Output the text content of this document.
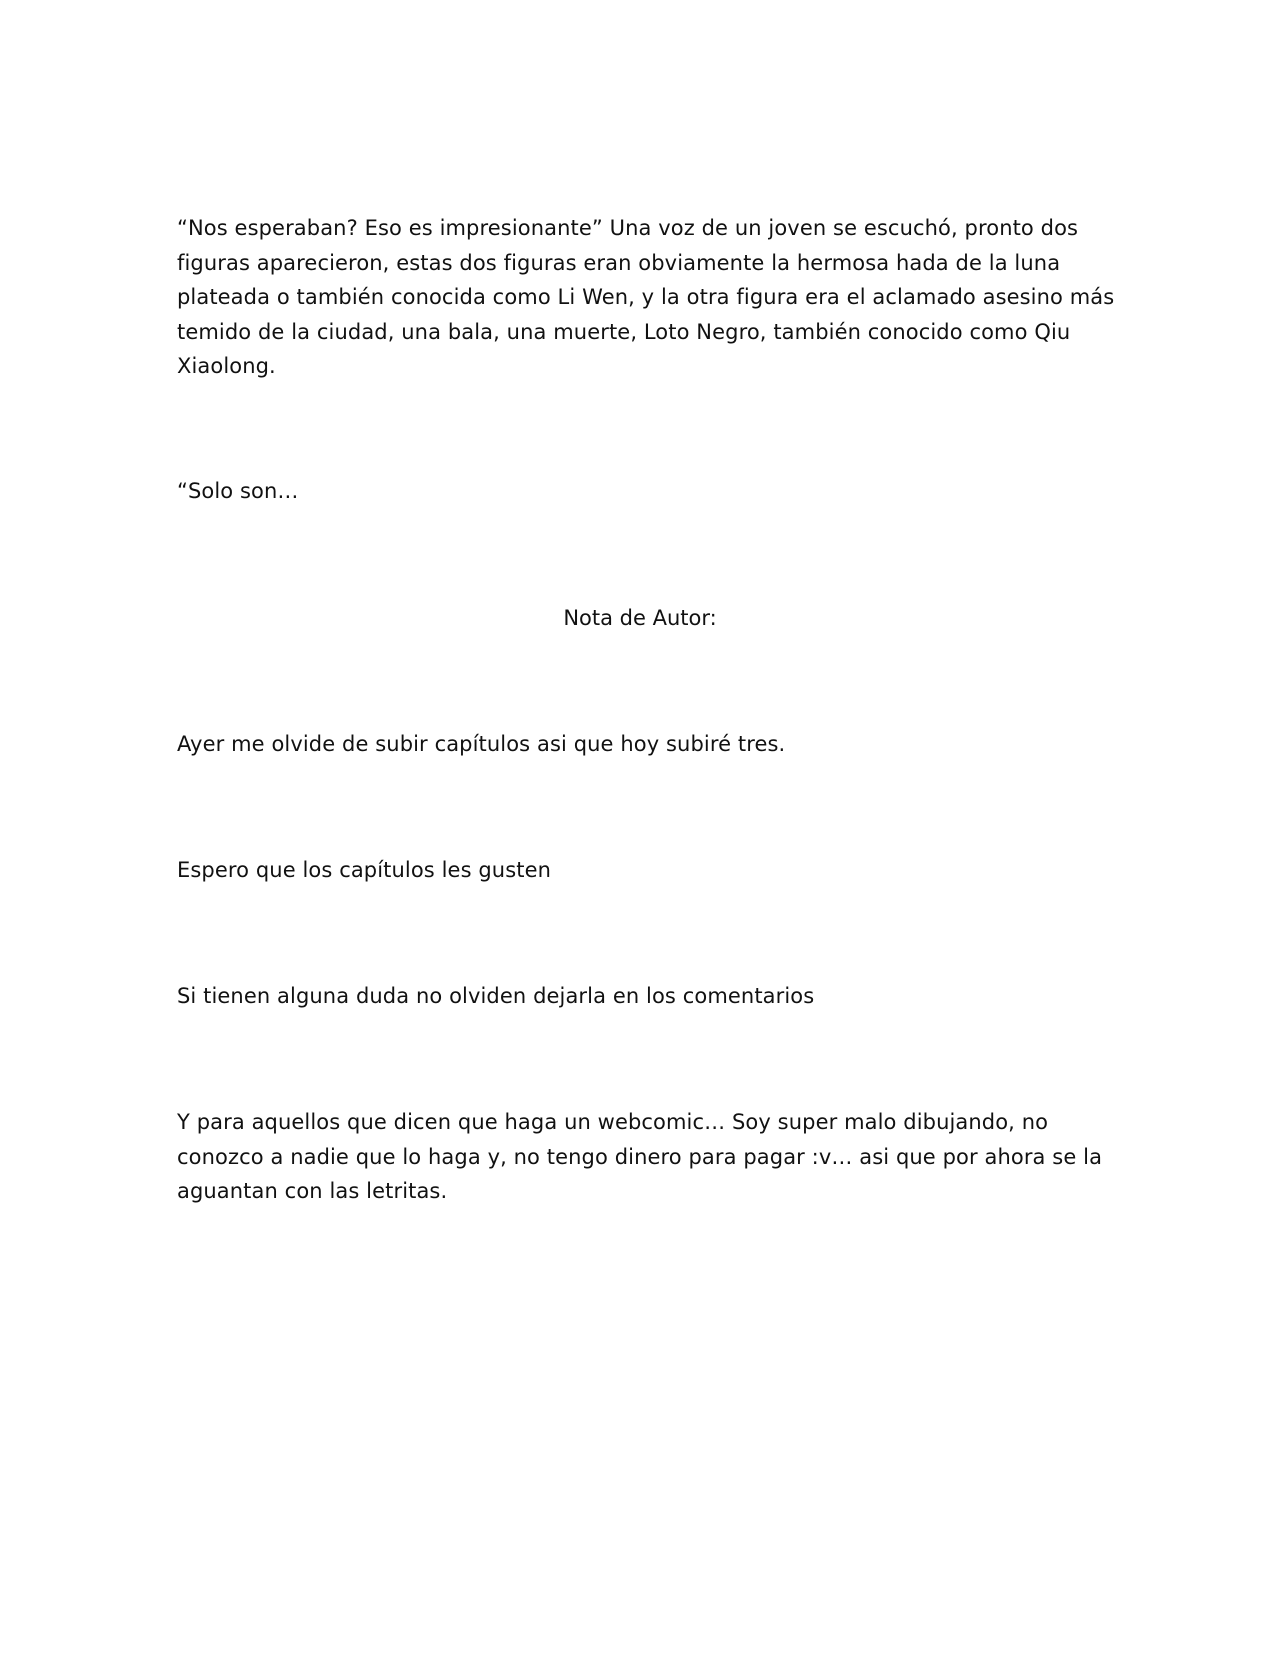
“Nos esperaban? Eso es impresionante” Una voz de un joven se escuchó, pronto dos figuras aparecieron, estas dos figuras eran obviamente la hermosa hada de la luna plateada o también conocida como Li Wen, y la otra figura era el aclamado asesino más temido de la ciudad, una bala, una muerte, Loto Negro, también conocido como Qiu Xiaolong.

“Solo son…

Nota de Autor:

Ayer me olvide de subir capítulos asi que hoy subiré tres.

Espero que los capítulos les gusten

Si tienen alguna duda no olviden dejarla en los comentarios

Y para aquellos que dicen que haga un webcomic… Soy super malo dibujando, no conozco a nadie que lo haga y, no tengo dinero para pagar :v… asi que por ahora se la aguantan con las letritas.
